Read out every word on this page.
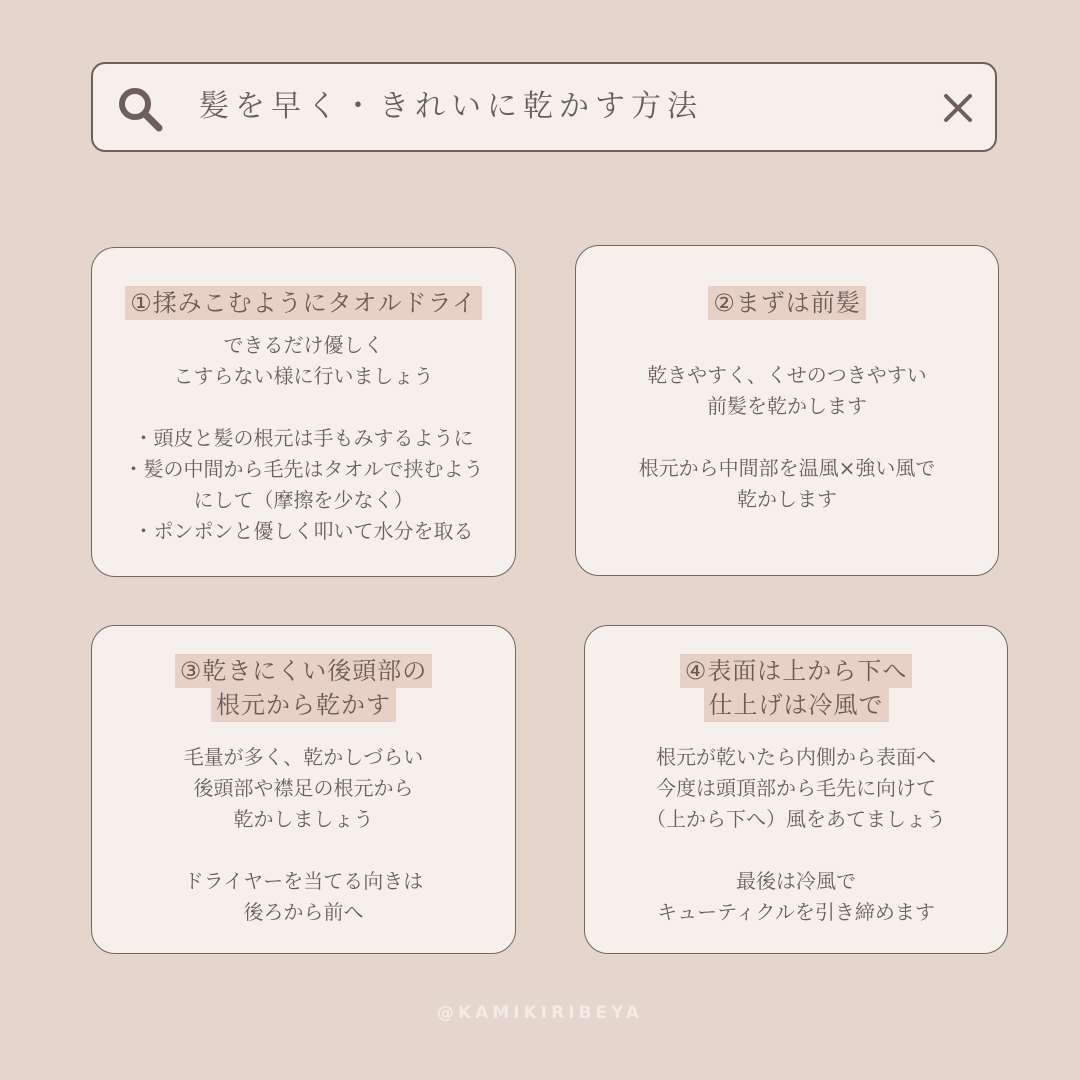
髪を早く・きれいに乾かす方法
①揉みこむようにタオルドライ
できるだけ優しく
こすらない様に行いましょう
・頭皮と髪の根元は手もみするように
・髪の中間から毛先はタオルで挟むよう
にして（摩擦を少なく）
・ポンポンと優しく叩いて水分を取る
②まずは前髪
乾きやすく、くせのつきやすい
前髪を乾かします
根元から中間部を温風×強い風で
乾かします
③乾きにくい後頭部の
根元から乾かす
毛量が多く、乾かしづらい
後頭部や襟足の根元から
乾かしましょう
ドライヤーを当てる向きは
後ろから前へ
④表面は上から下へ
仕上げは冷風で
根元が乾いたら内側から表面へ
今度は頭頂部から毛先に向けて
（上から下へ）風をあてましょう
最後は冷風で
キューティクルを引き締めます
@KAMIKIRIBEYA
